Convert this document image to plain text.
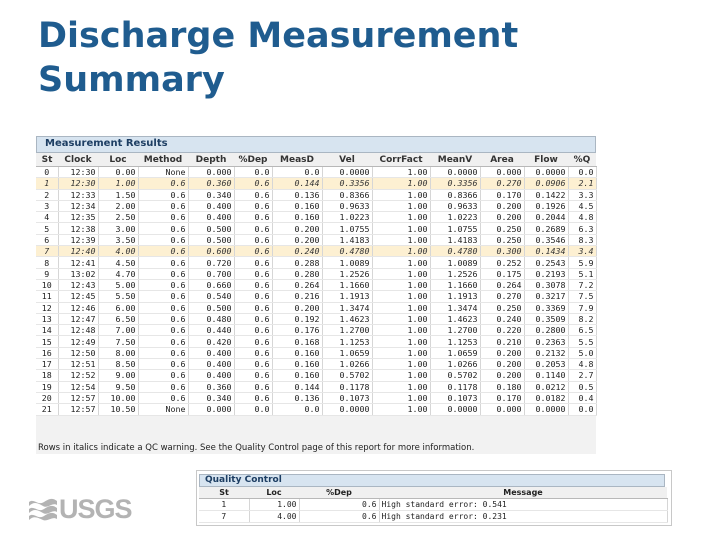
Discharge Measurement
Summary
Measurement Results
St	Clock	Loc	Method	Depth	%Dep	MeasD	Vel	CorrFact	MeanV	Area	Flow	%Q
0	12:30	0.00	None	0.000	0.0	0.0	0.0000	1.00	0.0000	0.000	0.0000	0.0
1	12:30	1.00	0.6	0.360	0.6	0.144	0.3356	1.00	0.3356	0.270	0.0906	2.1
2	12:33	1.50	0.6	0.340	0.6	0.136	0.8366	1.00	0.8366	0.170	0.1422	3.3
3	12:34	2.00	0.6	0.400	0.6	0.160	0.9633	1.00	0.9633	0.200	0.1926	4.5
4	12:35	2.50	0.6	0.400	0.6	0.160	1.0223	1.00	1.0223	0.200	0.2044	4.8
5	12:38	3.00	0.6	0.500	0.6	0.200	1.0755	1.00	1.0755	0.250	0.2689	6.3
6	12:39	3.50	0.6	0.500	0.6	0.200	1.4183	1.00	1.4183	0.250	0.3546	8.3
7	12:40	4.00	0.6	0.600	0.6	0.240	0.4780	1.00	0.4780	0.300	0.1434	3.4
8	12:41	4.50	0.6	0.720	0.6	0.288	1.0089	1.00	1.0089	0.252	0.2543	5.9
9	13:02	4.70	0.6	0.700	0.6	0.280	1.2526	1.00	1.2526	0.175	0.2193	5.1
10	12:43	5.00	0.6	0.660	0.6	0.264	1.1660	1.00	1.1660	0.264	0.3078	7.2
11	12:45	5.50	0.6	0.540	0.6	0.216	1.1913	1.00	1.1913	0.270	0.3217	7.5
12	12:46	6.00	0.6	0.500	0.6	0.200	1.3474	1.00	1.3474	0.250	0.3369	7.9
13	12:47	6.50	0.6	0.480	0.6	0.192	1.4623	1.00	1.4623	0.240	0.3509	8.2
14	12:48	7.00	0.6	0.440	0.6	0.176	1.2700	1.00	1.2700	0.220	0.2800	6.5
15	12:49	7.50	0.6	0.420	0.6	0.168	1.1253	1.00	1.1253	0.210	0.2363	5.5
16	12:50	8.00	0.6	0.400	0.6	0.160	1.0659	1.00	1.0659	0.200	0.2132	5.0
17	12:51	8.50	0.6	0.400	0.6	0.160	1.0266	1.00	1.0266	0.200	0.2053	4.8
18	12:52	9.00	0.6	0.400	0.6	0.160	0.5702	1.00	0.5702	0.200	0.1140	2.7
19	12:54	9.50	0.6	0.360	0.6	0.144	0.1178	1.00	0.1178	0.180	0.0212	0.5
20	12:57	10.00	0.6	0.340	0.6	0.136	0.1073	1.00	0.1073	0.170	0.0182	0.4
21	12:57	10.50	None	0.000	0.0	0.0	0.0000	1.00	0.0000	0.000	0.0000	0.0
Rows in italics indicate a QC warning. See the Quality Control page of this report for more information.
Quality Control
St	Loc	%Dep	Message
1	1.00	0.6	High standard error: 0.541
7	4.00	0.6	High standard error: 0.231
USGS
